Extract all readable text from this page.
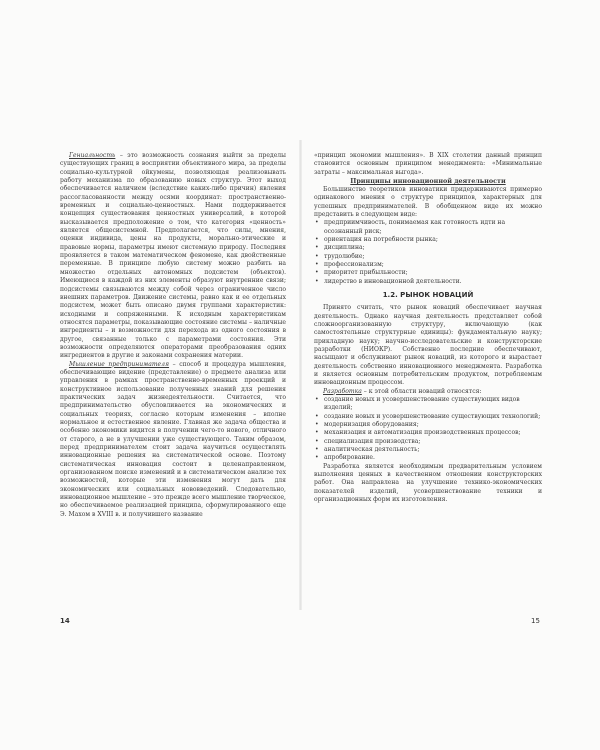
Гениальность – это возможность сознания выйти за пределы существующих границ в восприятии объективного мира, за пределы социально-культурной ойкумены, позволяющая реализовывать работу механизма по образованию новых структур. Этот выход обеспечивается наличием (вследствие каких-либо причин) явления рассогласованности между осями координат: пространственно-временных и социально-ценностных. Нами поддерживается концепция существования ценностных универсалий, в которой высказывается предположение о том, что категория «ценность» является общесистемной. Предполагается, что силы, мнения, оценки индивида, цены на продукты, морально-этические и правовые нормы, параметры имеют системную природу. Последняя проявляется в таком математическом феномене, как двойственные переменные. В принципе любую систему можно разбить на множество отдельных автономных подсистем (объектов). Имеющиеся в каждой из них элементы образуют внутренние связи; подсистемы связываются между собой через ограниченное число внешних параметров. Движение системы, равно как и ее отдельных подсистем, может быть описано двумя группами характеристик: исходными и сопряженными. К исходным характеристикам относятся параметры, показывающие состояние системы – наличные ингредиенты – и возможности для перехода из одного состояния в другое, связанные только с параметрами состояния. Эти возможности определяются операторами преобразования одних ингредиентов в другие и законами сохранения материи.

Мышление предпринимателя – способ и процедура мышления, обеспечивающие видение (представление) о предмете анализа или управления в рамках пространственно-временных проекций и конструктивное использование полученных знаний для решения практических задач жизнедеятельности. Считается, что предпринимательство обусловливается на экономических и социальных теориях, согласно которым изменения – вполне нормальное и естественное явление. Главная же задача общества и особенно экономики видится в получении чего-то нового, отличного от старого, а не в улучшении уже существующего. Таким образом, перед предпринимателем стоит задача научиться осуществлять инновационные решения на систематической основе. Поэтому систематическая инновация состоит в целенаправленном, организованном поиске изменений и в систематическом анализе тех возможностей, которые эти изменения могут дать для экономических или социальных нововведений. Следовательно, инновационное мышление – это прежде всего мышление творческое, но обеспечиваемое реализацией принципа, сформулированного еще Э. Махом в XVIII в. и получившего название

14

«принцип экономии мышления». В XIX столетии данный принцип становится основным принципом менеджмента: «Минимальные затраты – максимальная выгода».

Принципы инновационной деятельности

Большинство теоретиков инноватики придерживаются примерно одинакового мнения о структуре принципов, характерных для успешных предпринимателей. В обобщенном виде их можно представить в следующем виде:

• предприимчивость, понимаемая как готовность идти на осознанный риск;
• ориентация на потребности рынка;
• дисциплина;
• трудолюбие;
• профессионализм;
• приоритет прибыльности;
• лидерство в инновационной деятельности.
1.2. РЫНОК НОВАЦИЙ

Принято считать, что рынок новаций обеспечивает научная деятельность. Однако научная деятельность представляет собой сложноорганизованную структуру, включающую (как самостоятельные структурные единицы): фундаментальную науку; прикладную науку; научно-исследовательские и конструкторские разработки (НИОКР). Собственно последние обеспечивают, насыщают и обслуживают рынок новаций, из которого и вырастает деятельность собственно инновационного менеджмента. Разработка и является основным потребительским продуктом, потребляемым инновационным процессом.

Разработка – к этой области новаций относятся:

• создание новых и усовершенствование существующих видов изделий;
• создание новых и усовершенствование существующих технологий;
• модернизация оборудования;
• механизация и автоматизация производственных процессов;
• специализация производства;
• аналитическая деятельность;
• апробирование.

Разработка является необходимым предварительным условием выполнения ценных в качественном отношении конструкторских работ. Она направлена на улучшение технико-экономических показателей изделий, усовершенствование техники и организационных форм их изготовления.

15
